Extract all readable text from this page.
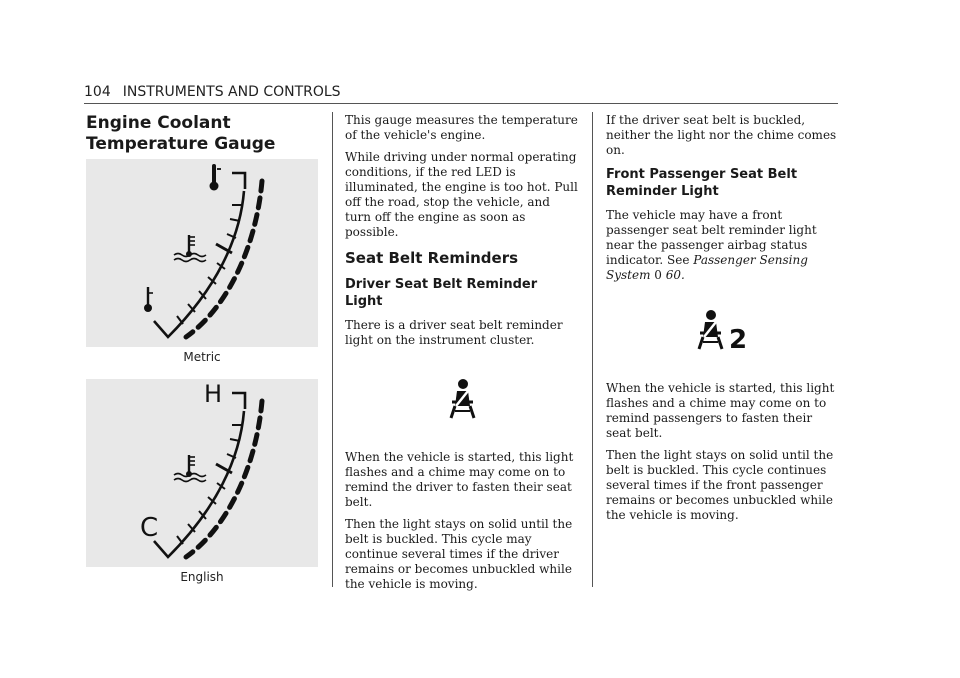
104 INSTRUMENTS AND CONTROLS
Engine Coolant
Temperature Gauge
Metric
H
C
English

This gauge measures the temperature of the vehicle's engine.

While driving under normal operating conditions, if the red LED is illuminated, the engine is too hot. Pull off the road, stop the vehicle, and turn off the engine as soon as possible.

Seat Belt Reminders
Driver Seat Belt Reminder Light

There is a driver seat belt reminder light on the instrument cluster.

When the vehicle is started, this light flashes and a chime may come on to remind the driver to fasten their seat belt.

Then the light stays on solid until the belt is buckled. This cycle may continue several times if the driver remains or becomes unbuckled while the vehicle is moving.

If the driver seat belt is buckled, neither the light nor the chime comes on.

Front Passenger Seat Belt Reminder Light

The vehicle may have a front passenger seat belt reminder light near the passenger airbag status indicator. See Passenger Sensing System 0 60.

2

When the vehicle is started, this light flashes and a chime may come on to remind passengers to fasten their seat belt.

Then the light stays on solid until the belt is buckled. This cycle continues several times if the front passenger remains or becomes unbuckled while the vehicle is moving.
